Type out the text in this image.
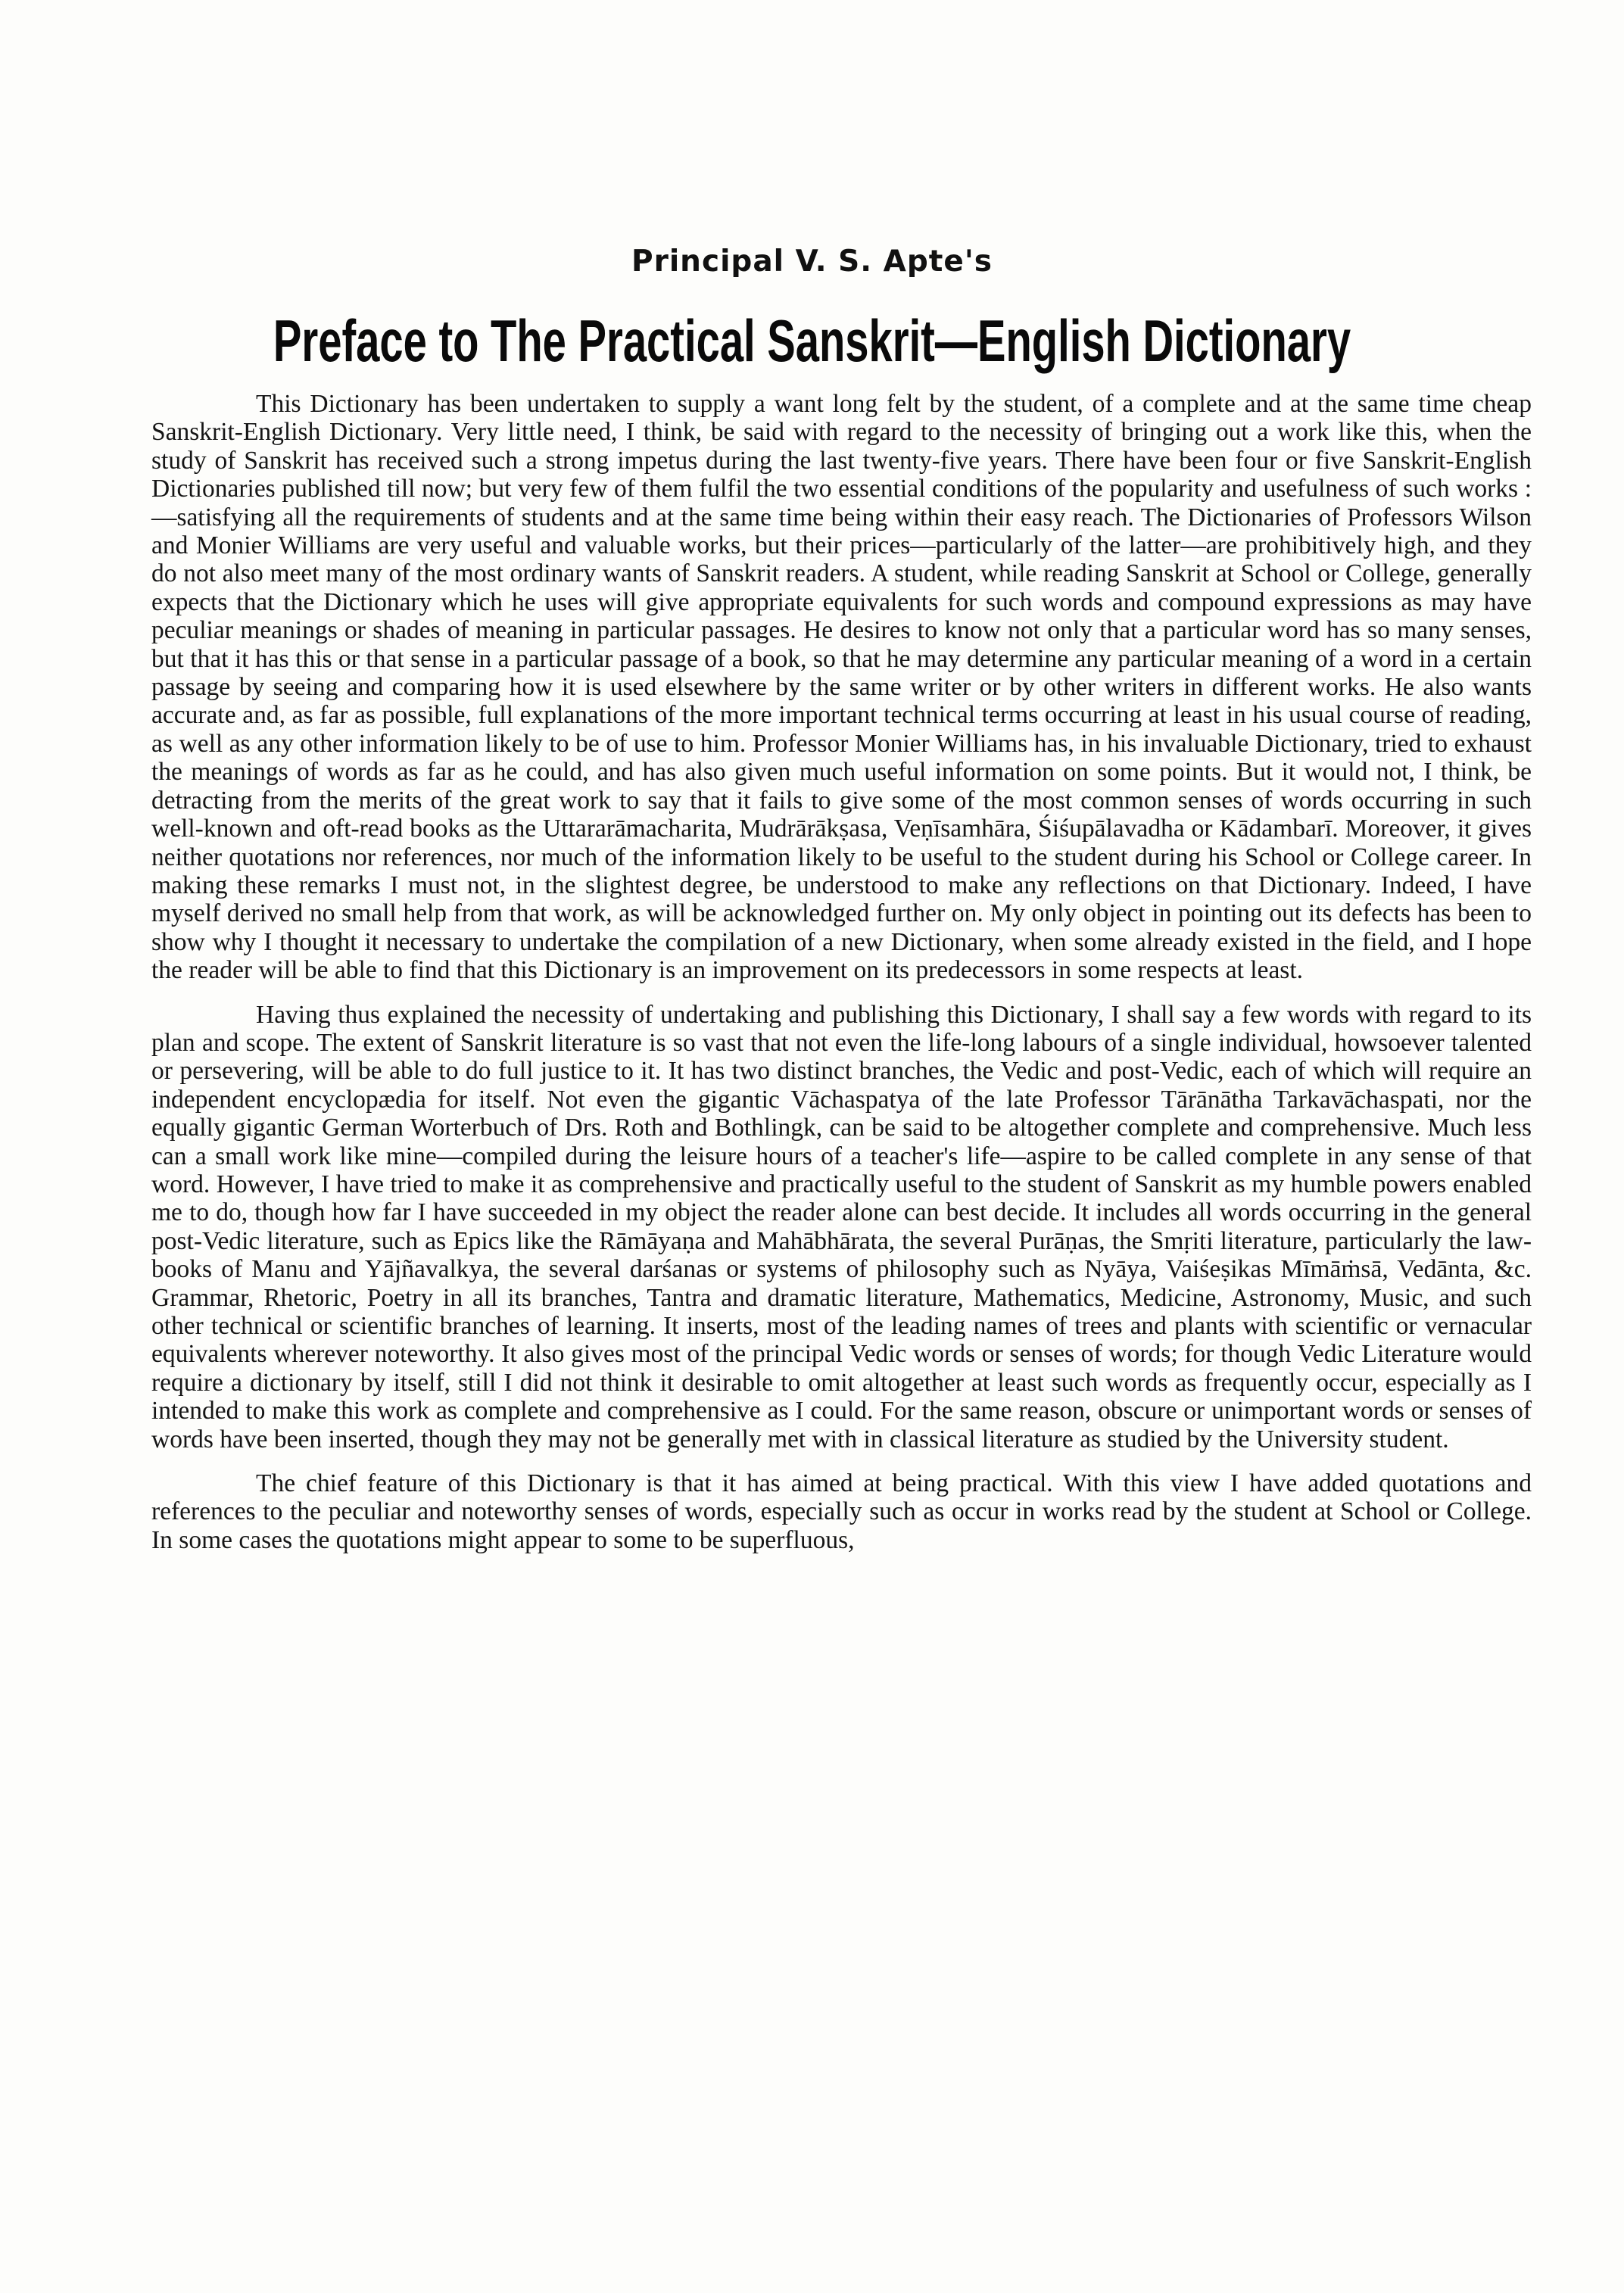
Principal V. S. Apte's
Preface to The Practical Sanskrit—English Dictionary

This Dictionary has been undertaken to supply a want long felt by the student, of a complete and at the same time cheap Sanskrit-English Dictionary. Very little need, I think, be said with regard to the necessity of bringing out a work like this, when the study of Sanskrit has received such a strong impetus during the last twenty-five years. There have been four or five Sanskrit-English Dictionaries published till now; but very few of them fulfil the two essential conditions of the popularity and usefulness of such works :—satisfying all the requirements of students and at the same time being within their easy reach. The Dictionaries of Professors Wilson and Monier Williams are very useful and valuable works, but their prices—particularly of the latter—are prohibitively high, and they do not also meet many of the most ordinary wants of Sanskrit readers. A student, while reading Sanskrit at School or College, generally expects that the Dictionary which he uses will give appropriate equivalents for such words and compound expressions as may have peculiar meanings or shades of meaning in particular passages. He desires to know not only that a particular word has so many senses, but that it has this or that sense in a particular passage of a book, so that he may determine any particular meaning of a word in a certain passage by seeing and comparing how it is used elsewhere by the same writer or by other writers in different works. He also wants accurate and, as far as possible, full explanations of the more important technical terms occurring at least in his usual course of reading, as well as any other information likely to be of use to him. Professor Monier Williams has, in his invaluable Dictionary, tried to exhaust the meanings of words as far as he could, and has also given much useful information on some points. But it would not, I think, be detracting from the merits of the great work to say that it fails to give some of the most common senses of words occurring in such well-known and oft-read books as the Uttararāmacharita, Mudrārākṣasa, Veṇīsamhāra, Śiśupālavadha or Kādambarī. Moreover, it gives neither quotations nor references, nor much of the information likely to be useful to the student during his School or College career. In making these remarks I must not, in the slightest degree, be understood to make any reflections on that Dictionary. Indeed, I have myself derived no small help from that work, as will be acknowledged further on. My only object in pointing out its defects has been to show why I thought it necessary to undertake the compilation of a new Dictionary, when some already existed in the field, and I hope the reader will be able to find that this Dictionary is an improvement on its predecessors in some respects at least.

Having thus explained the necessity of undertaking and publishing this Dictionary, I shall say a few words with regard to its plan and scope. The extent of Sanskrit literature is so vast that not even the life-long labours of a single individual, howsoever talented or persevering, will be able to do full justice to it. It has two distinct branches, the Vedic and post-Vedic, each of which will require an independent encyclopædia for itself. Not even the gigantic Vāchaspatya of the late Professor Tārānātha Tarkavāchaspati, nor the equally gigantic German Worterbuch of Drs. Roth and Bothlingk, can be said to be altogether complete and comprehensive. Much less can a small work like mine—compiled during the leisure hours of a teacher's life—aspire to be called complete in any sense of that word. However, I have tried to make it as comprehensive and practically useful to the student of Sanskrit as my humble powers enabled me to do, though how far I have succeeded in my object the reader alone can best decide. It includes all words occurring in the general post-Vedic literature, such as Epics like the Rāmāyaṇa and Mahābhārata, the several Purāṇas, the Smṛiti literature, particularly the law-books of Manu and Yājñavalkya, the several darśanas or systems of philosophy such as Nyāya, Vaiśeṣikas Mīmāṁsā, Vedānta, &c. Grammar, Rhetoric, Poetry in all its branches, Tantra and dramatic literature, Mathematics, Medicine, Astronomy, Music, and such other technical or scientific branches of learning. It inserts, most of the leading names of trees and plants with scientific or vernacular equivalents wherever noteworthy. It also gives most of the principal Vedic words or senses of words; for though Vedic Literature would require a dictionary by itself, still I did not think it desirable to omit altogether at least such words as frequently occur, especially as I intended to make this work as complete and comprehensive as I could. For the same reason, obscure or unimportant words or senses of words have been inserted, though they may not be generally met with in classical literature as studied by the University student.

The chief feature of this Dictionary is that it has aimed at being practical. With this view I have added quotations and references to the peculiar and noteworthy senses of words, especially such as occur in works read by the student at School or College. In some cases the quotations might appear to some to be superfluous,
